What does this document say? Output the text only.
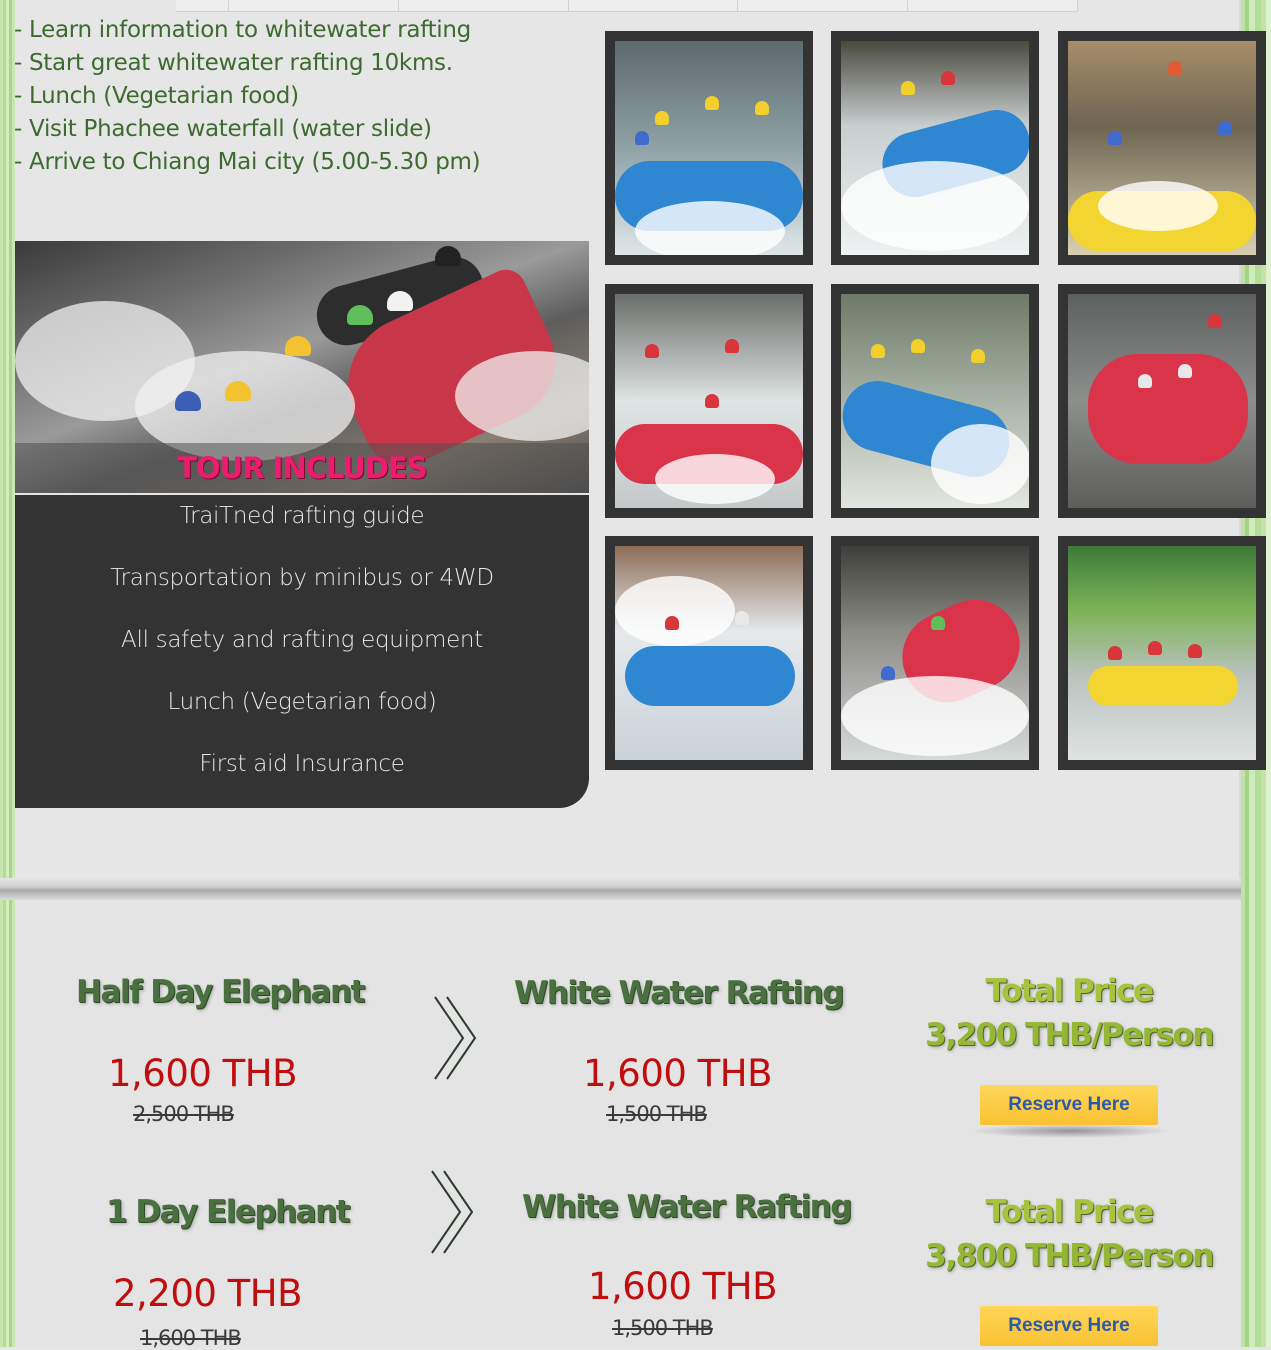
- Learn information to whitewater rafting
- Start great whitewater rafting 10kms.
- Lunch (Vegetarian food)
- Visit Phachee waterfall (water slide)
- Arrive to Chiang Mai city (5.00-5.30 pm)
TOUR INCLUDES
TraiTned rafting guide
Transportation by minibus or 4WD
All safety and rafting equipment
Lunch (Vegetarian food)
First aid Insurance
Half Day Elephant
1,600 THB
2,500 THB
White Water Rafting
1,600 THB
1,500 THB
Total Price
3,200 THB/Person
Reserve Here
1 Day Elephant
2,200 THB
1,600 THB
White Water Rafting
1,600 THB
1,500 THB
Total Price
3,800 THB/Person
Reserve Here
